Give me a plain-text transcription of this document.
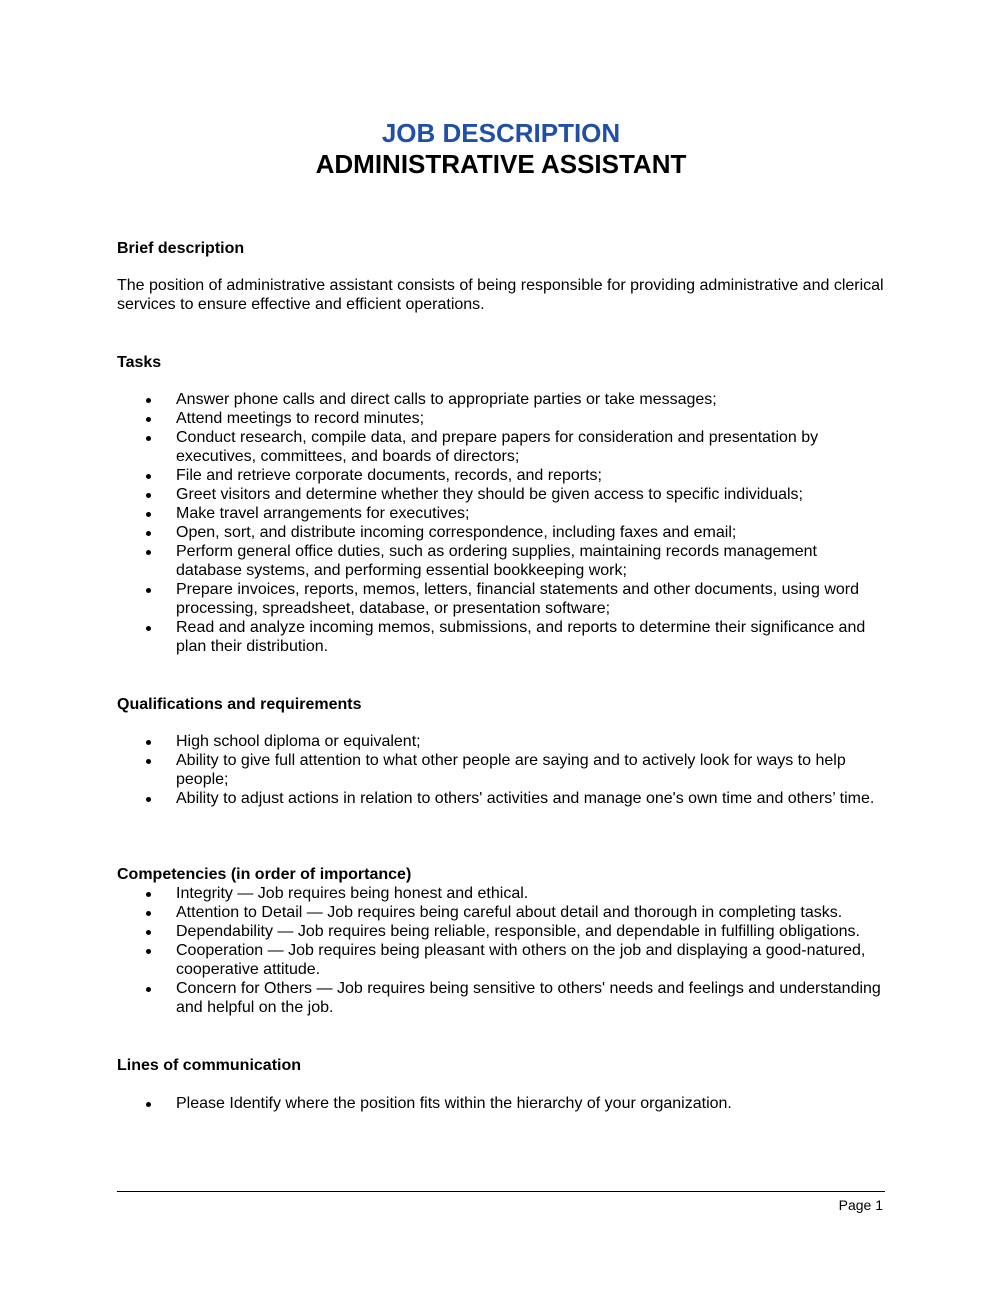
JOB DESCRIPTION
ADMINISTRATIVE ASSISTANT

Brief description

The position of administrative assistant consists of being responsible for providing administrative and clerical services to ensure effective and efficient operations.

Tasks

Answer phone calls and direct calls to appropriate parties or take messages;
Attend meetings to record minutes;
Conduct research, compile data, and prepare papers for consideration and presentation by executives, committees, and boards of directors;
File and retrieve corporate documents, records, and reports;
Greet visitors and determine whether they should be given access to specific individuals;
Make travel arrangements for executives;
Open, sort, and distribute incoming correspondence, including faxes and email;
Perform general office duties, such as ordering supplies, maintaining records management database systems, and performing essential bookkeeping work;
Prepare invoices, reports, memos, letters, financial statements and other documents, using word processing, spreadsheet, database, or presentation software;
Read and analyze incoming memos, submissions, and reports to determine their significance and plan their distribution.

Qualifications and requirements

High school diploma or equivalent;
Ability to give full attention to what other people are saying and to actively look for ways to help people;
Ability to adjust actions in relation to others' activities and manage one's own time and others’ time.

Competencies (in order of importance)

Integrity — Job requires being honest and ethical.
Attention to Detail — Job requires being careful about detail and thorough in completing tasks.
Dependability — Job requires being reliable, responsible, and dependable in fulfilling obligations.
Cooperation — Job requires being pleasant with others on the job and displaying a good-natured, cooperative attitude.
Concern for Others — Job requires being sensitive to others' needs and feelings and understanding and helpful on the job.

Lines of communication

Please Identify where the position fits within the hierarchy of your organization.
Page 1
